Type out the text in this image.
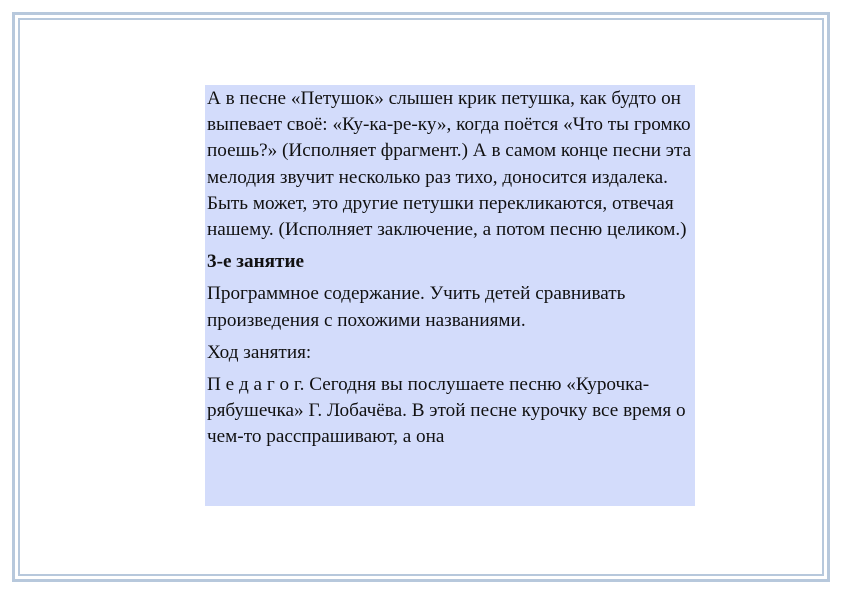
А в песне «Петушок» слышен крик петушка, как будто он выпевает своё: «Ку-ка-ре-ку», когда поётся «Что ты громко поешь?» (Исполняет фрагмент.) А в самом конце песни эта мелодия звучит несколько раз тихо, доносится издалека. Быть может, это другие петушки перекликаются, отвечая нашему. (Исполняет заключение, а потом песню целиком.)

3-е занятие

Программное содержание. Учить детей сравнивать произведения с похожими названиями.

Ход занятия:

П е д а г о г. Сегодня вы послушаете песню «Курочка-рябушечка» Г. Лобачёва. В этой песне курочку все время о чем-то расспрашивают, а она
